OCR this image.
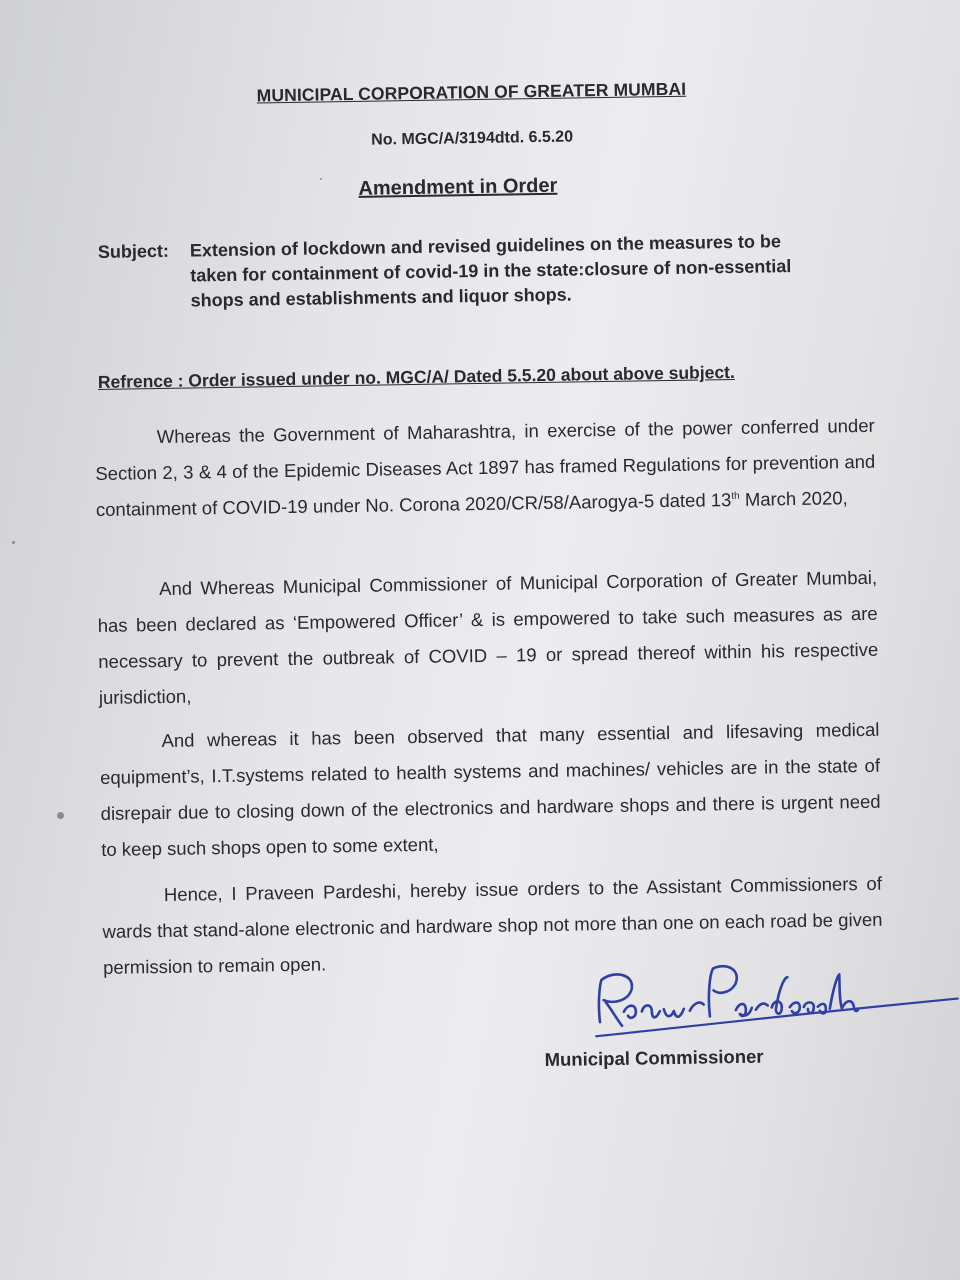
MUNICIPAL CORPORATION OF GREATER MUMBAI
No. MGC/A/3194dtd. 6.5.20
Amendment in Order
Subject:	Extension of lockdown and revised guidelines on the measures to be taken for containment of covid-19 in the state:closure of non-essential shops and establishments and liquor shops.
Refrence : Order issued under no. MGC/A/ Dated 5.5.20 about above subject.
Whereas the Government of Maharashtra, in exercise of the power conferred under Section 2, 3 & 4 of the Epidemic Diseases Act 1897 has framed Regulations for prevention and containment of COVID-19 under No. Corona 2020/CR/58/Aarogya-5 dated 13th March 2020,
And Whereas Municipal Commissioner of Municipal Corporation of Greater Mumbai, has been declared as ‘Empowered Officer’ & is empowered to take such measures as are necessary to prevent the outbreak of COVID – 19 or spread thereof within his respective jurisdiction,
And whereas it has been observed that many essential and lifesaving medical equipment’s, I.T.systems related to health systems and machines/ vehicles are in the state of disrepair due to closing down of the electronics and hardware shops and there is urgent need to keep such shops open to some extent,
Hence, I Praveen Pardeshi, hereby issue orders to the Assistant Commissioners of wards that stand-alone electronic and hardware shop not more than one on each road be given permission to remain open.
Municipal Commissioner
